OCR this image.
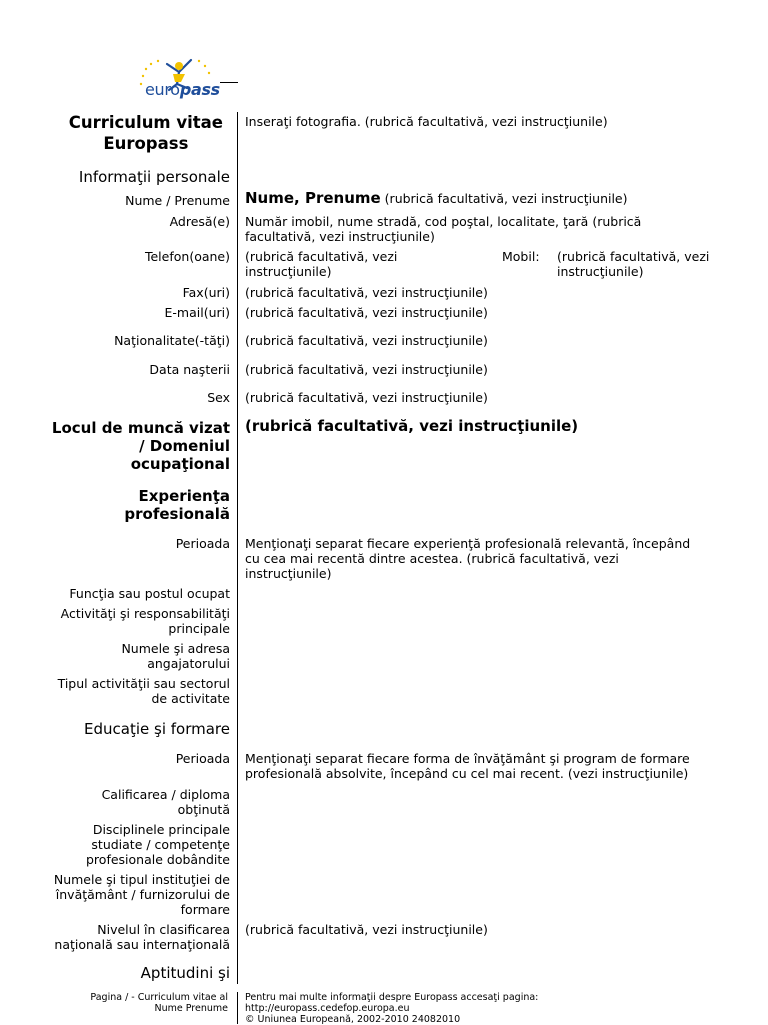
europass
Curriculum vitae
Europass
Inseraţi fotografia. (rubrică facultativă, vezi instrucţiunile)
Informaţii personale
Nume / Prenume Nume, Prenume (rubrică facultativă, vezi instrucţiunile)
Adresă(e) Număr imobil, nume stradă, cod poştal, localitate, ţară (rubrică
facultativă, vezi instrucţiunile)
Telefon(oane) (rubrică facultativă, vezi
instrucţiunile)
Mobil: (rubrică facultativă, vezi
instrucţiunile)
Fax(uri) (rubrică facultativă, vezi instrucţiunile)
E-mail(uri) (rubrică facultativă, vezi instrucţiunile)
Naţionalitate(-tăţi) (rubrică facultativă, vezi instrucţiunile)
Data naşterii (rubrică facultativă, vezi instrucţiunile)
Sex (rubrică facultativă, vezi instrucţiunile)
Locul de muncă vizat
/ Domeniul
ocupaţional
(rubrică facultativă, vezi instrucţiunile)
Experienţa
profesională
Perioada Menţionaţi separat fiecare experienţă profesională relevantă, începând
cu cea mai recentă dintre acestea. (rubrică facultativă, vezi
instrucţiunile)
Funcţia sau postul ocupat
Activităţi şi responsabilităţi
principale
Numele şi adresa
angajatorului
Tipul activităţii sau sectorul
de activitate
Educaţie şi formare
Perioada Menţionaţi separat fiecare forma de învăţământ şi program de formare
profesională absolvite, începând cu cel mai recent. (vezi instrucţiunile)
Calificarea / diploma
obţinută
Disciplinele principale
studiate / competenţe
profesionale dobândite
Numele şi tipul instituţiei de
învăţământ / furnizorului de
formare
Nivelul în clasificarea
naţională sau internaţională
(rubrică facultativă, vezi instrucţiunile)
Aptitudini şi
Pagina / - Curriculum vitae al
Nume Prenume
Pentru mai multe informaţii despre Europass accesaţi pagina:
http://europass.cedefop.europa.eu
© Uniunea Europeană, 2002-2010 24082010
